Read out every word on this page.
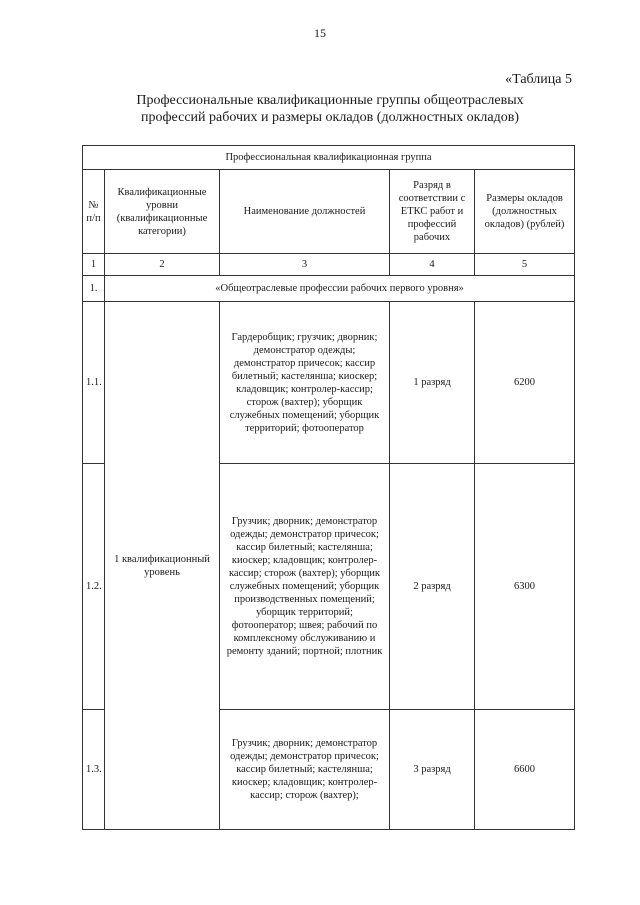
15
«Таблица 5
Профессиональные квалификационные группы общеотраслевых
профессий рабочих и размеры окладов (должностных окладов)
Профессиональная квалификационная группа				
№ п/п	Квалификационные уровни (квалификационные категории)	Наименование должностей	Разряд в соответствии с ЕТКС работ и профессий рабочих	Размеры окладов (должностных окладов) (рублей)
1	2	3	4	5
1.	«Общеотраслевые профессии рабочих первого уровня»			
1.1.	1 квалификационный уровень	Гардеробщик; грузчик; дворник; демонстратор одежды; демонстратор причесок; кассир билетный; кастелянша; киоскер; кладовщик; контролер-кассир; сторож (вахтер); уборщик служебных помещений; уборщик территорий; фотооператор	1 разряд	6200
1.2.		Грузчик; дворник; демонстратор одежды; демонстратор причесок; кассир билетный; кастелянша; киоскер; кладовщик; контролер-кассир; сторож (вахтер); уборщик служебных помещений; уборщик производственных помещений; уборщик территорий; фотооператор; швея; рабочий по комплексному обслуживанию и ремонту зданий; портной; плотник	2 разряд	6300
1.3.		Грузчик; дворник; демонстратор одежды; демонстратор причесок; кассир билетный; кастелянша; киоскер; кладовщик; контролер-кассир; сторож (вахтер);	3 разряд	6600
